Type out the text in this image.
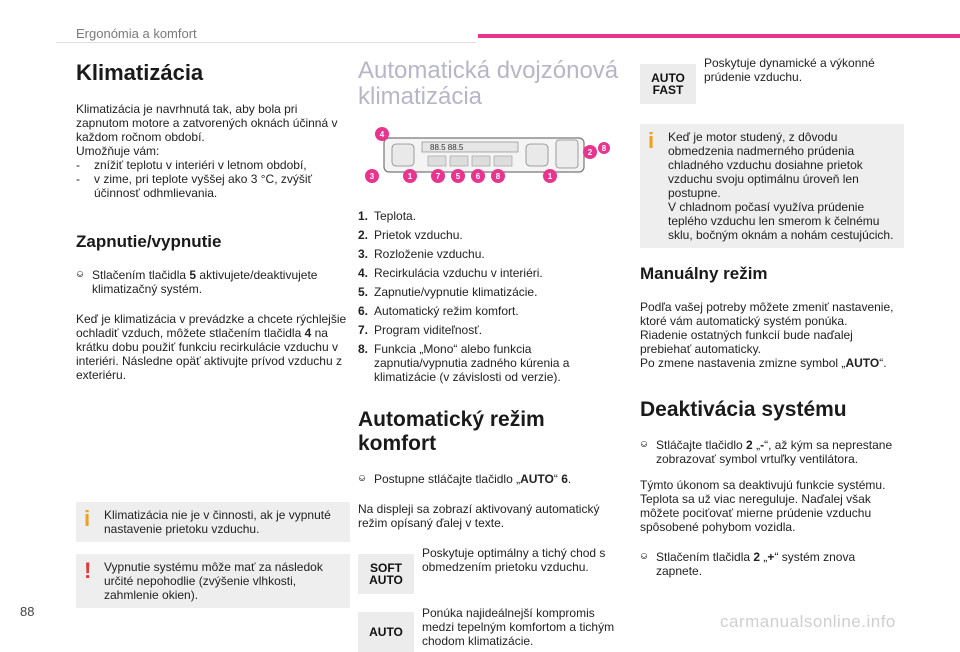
Ergonómia a komfort
Klimatizácia

Klimatizácia je navrhnutá tak, aby bola pri zapnutom motore a zatvorených oknách účinná v každom ročnom období.

Umožňuje vám:

-	znížiť teplotu v interiéri v letnom období,
-	v zime, pri teplote vyššej ako 3 °C, zvýšiť účinnosť odhmlievania.
Zapnutie/vypnutie
⎉ Stlačením tlačidla 5 aktivujete/deaktivujete klimatizačný systém.

Keď je klimatizácia v prevádzke a chcete rýchlejšie ochladiť vzduch, môžete stlačením tlačidla 4 na krátku dobu použiť funkciu recirkulácie vzduchu v interiéri. Následne opäť aktivujte prívod vzduchu z exteriéru.

i	Klimatizácia nie je v činnosti, ak je vypnuté nastavenie prietoku vzduchu.

!	Vypnutie systému môže mať za následok určité nepohodlie (zvýšenie vlhkosti, zahmlenie okien).

Automatická dvojzónová klimatizácia
88.5 88.5
4
2 8
3	1	7 5 6 8	1
1. Teplota.
2. Prietok vzduchu.
3. Rozloženie vzduchu.
4. Recirkulácia vzduchu v interiéri.
5. Zapnutie/vypnutie klimatizácie.
6. Automatický režim komfort.
7. Program viditeľnosť.
8. Funkcia „Mono“ alebo funkcia zapnutia/vypnutia zadného kúrenia a klimatizácie (v závislosti od verzie).
Automatický režim komfort
⎉ Postupne stláčajte tlačidlo „AUTO“ 6.

Na displeji sa zobrazí aktivovaný automatický režim opísaný ďalej v texte.

SOFT AUTO

Poskytuje optimálny a tichý chod s obmedzením prietoku vzduchu.

AUTO

Ponúka najideálnejší kompromis medzi tepelným komfortom a tichým chodom klimatizácie.

AUTO FAST

Poskytuje dynamické a výkonné prúdenie vzduchu.

i	Keď je motor studený, z dôvodu obmedzenia nadmerného prúdenia chladného vzduchu dosiahne prietok vzduchu svoju optimálnu úroveň len postupne.
V chladnom počasí využíva prúdenie teplého vzduchu len smerom k čelnému sklu, bočným oknám a nohám cestujúcich.

Manuálny režim

Podľa vašej potreby môžete zmeniť nastavenie, ktoré vám automatický systém ponúka.
Riadenie ostatných funkcií bude naďalej prebiehať automaticky.

Po zmene nastavenia zmizne symbol „AUTO“.

Deaktivácia systému
⎉ Stláčajte tlačidlo 2 „-“, až kým sa neprestane zobrazovať symbol vrtuľky ventilátora.

Týmto úkonom sa deaktivujú funkcie systému. Teplota sa už viac nereguluje. Naďalej však môžete pociťovať mierne prúdenie vzduchu spôsobené pohybom vozidla.

⎉ Stlačením tlačidla 2 „+“ systém znova zapnete.
88
carmanualsonline.info
